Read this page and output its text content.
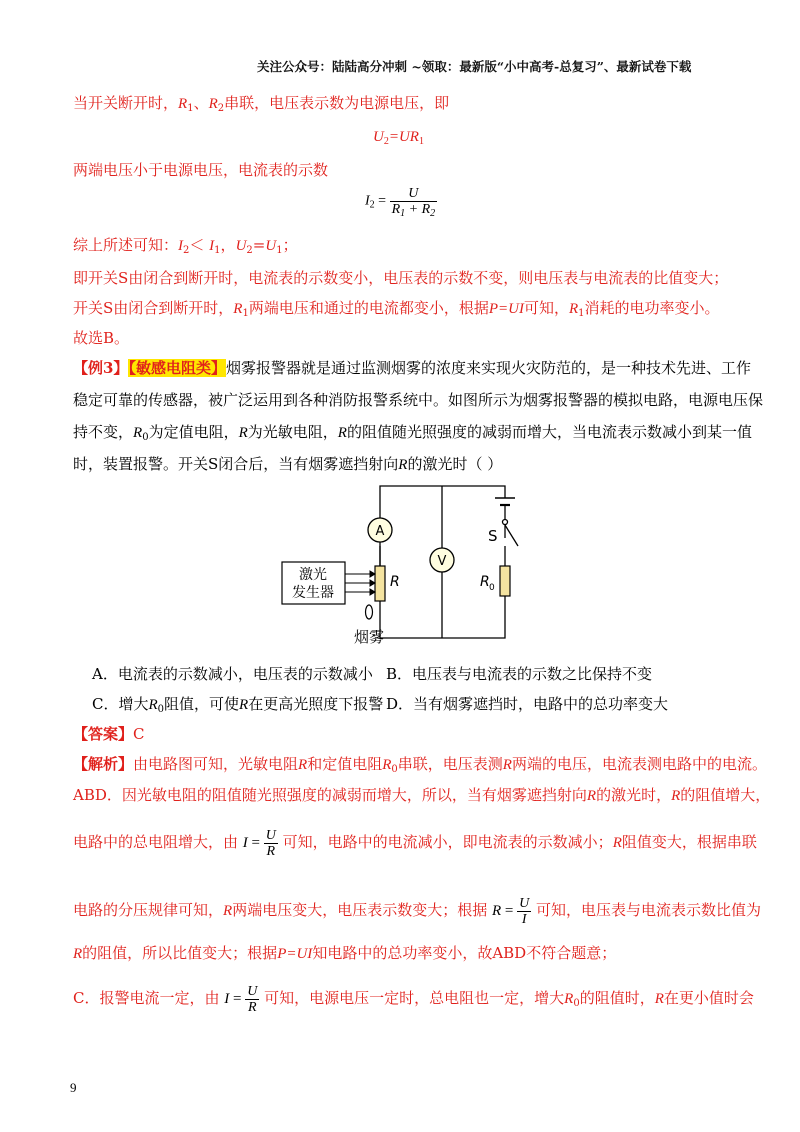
关注公众号：陆陆高分冲刺 ~领取：最新版“小中高考-总复习”、最新试卷下载
当开关断开时，$R_1$、$R_2$串联，电压表示数为电源电压，即
$U_2=UR_1$
两端电压小于电源电压，电流表的示数
$I_2 = \frac{U}{R_1 + R_2}$
综上所述可知：$I_2< I_1$，$U_2=U_1$；
即开关S由闭合到断开时，电流表的示数变小，电压表的示数不变，则电压表与电流表的比值变大；
开关S由闭合到断开时，$R_1$两端电压和通过的电流都变小，根据P=UI可知，$R_1$消耗的电功率变小。
故选B。
【例3】【敏感电阻类】烟雾报警器就是通过监测烟雾的浓度来实现火灾防范的，是一种技术先进、工作
稳定可靠的传感器，被广泛运用到各种消防报警系统中。如图所示为烟雾报警器的模拟电路，电源电压保
持不变，$R_0$为定值电阻，R为光敏电阻，R的阻值随光照强度的减弱而增大，当电流表示数减小到某一值
时，装置报警。开关S闭合后，当有烟雾遮挡射向R的激光时（ ）
A
V
R	R 0
S
激光
发生器
烟雾
A．电流表的示数减小，电压表的示数减小 B．电压表与电流表的示数之比保持不变
C．增大$R_0$阻值，可使R在更高光照度下报警 D．当有烟雾遮挡时，电路中的总功率变大
【答案】C
【解析】由电路图可知，光敏电阻R和定值电阻$R_0$串联，电压表测R两端的电压，电流表测电路中的电流。
ABD．因光敏电阻的阻值随光照强度的减弱而增大，所以，当有烟雾遮挡射向R的激光时，R的阻值增大，
电路中的总电阻增大，由 $I = \frac{U}{R}$ 可知，电路中的电流减小，即电流表的示数减小；R阻值变大，根据串联
电路的分压规律可知，R两端电压变大，电压表示数变大；根据 $R = \frac{U}{I}$ 可知，电压表与电流表示数比值为
R的阻值，所以比值变大；根据P=UI知电路中的总功率变小，故ABD不符合题意；
C．报警电流一定，由 $I = \frac{U}{R}$ 可知，电源电压一定时，总电阻也一定，增大$R_0$的阻值时，R在更小值时会
9
